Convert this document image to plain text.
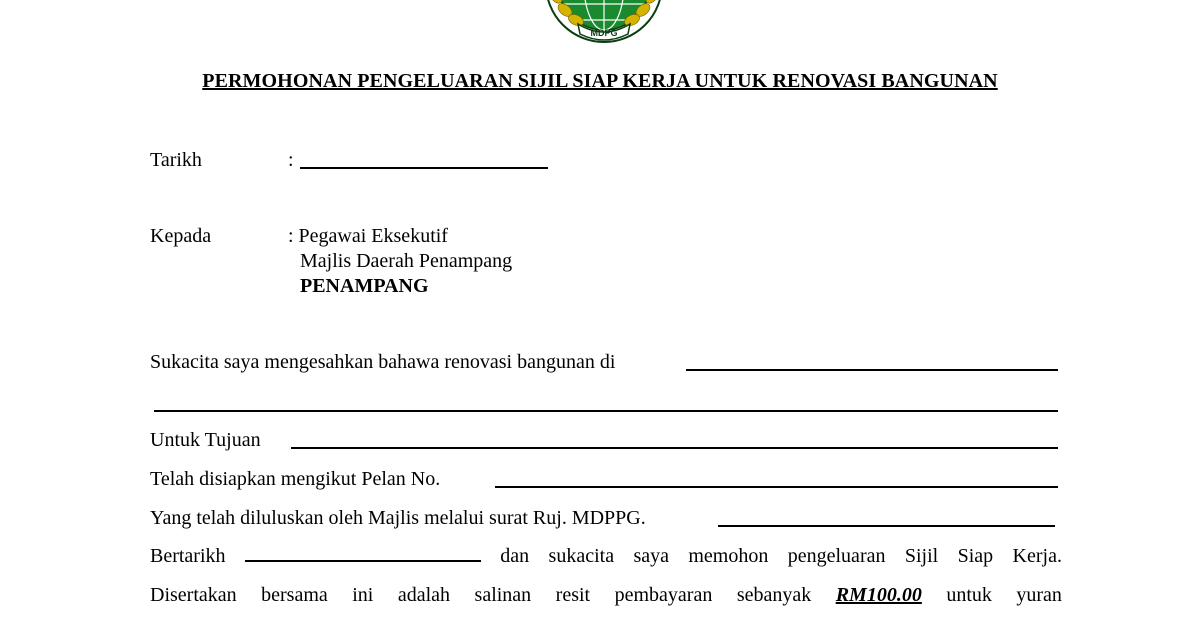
MDPG
PERMOHONAN PENGELUARAN SIJIL SIAP KERJA UNTUK RENOVASI BANGUNAN
Tarikh	:
Kepada	: Pegawai Eksekutif
Majlis Daerah Penampang
PENAMPANG
Sukacita saya mengesahkan bahawa renovasi bangunan di
Untuk Tujuan
Telah disiapkan mengikut Pelan No.
Yang telah diluluskan oleh Majlis melalui surat Ruj. MDPPG.
Bertarikh	dan sukacita saya memohon pengeluaran Sijil Siap Kerja.
Disertakan bersama ini adalah salinan resit pembayaran sebanyak RM100.00 untuk yuran
